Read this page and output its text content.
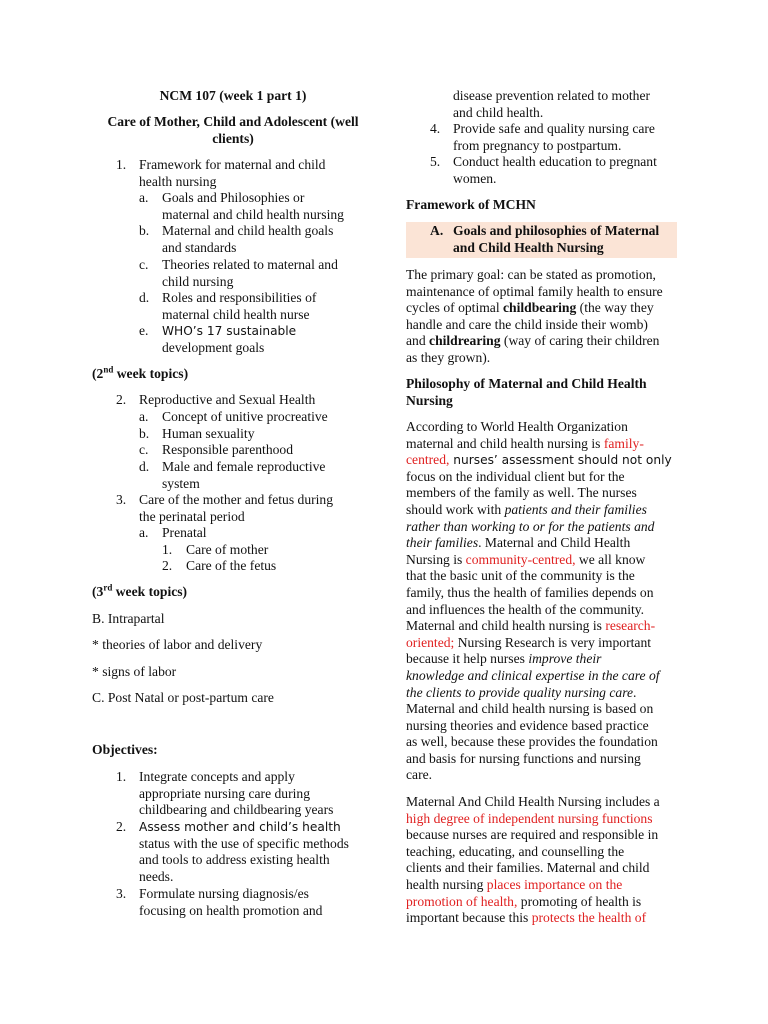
NCM 107 (week 1 part 1)
Care of Mother, Child and Adolescent (well
clients)
1. Framework for maternal and child
health nursing
a. Goals and Philosophies or
maternal and child health nursing
b. Maternal and child health goals
and standards
c. Theories related to maternal and
child nursing
d. Roles and responsibilities of
maternal child health nurse
e. WHO’s 17 sustainable
development goals
(2nd week topics)
2. Reproductive and Sexual Health
a. Concept of unitive procreative
b. Human sexuality
c. Responsible parenthood
d. Male and female reproductive
system
3. Care of the mother and fetus during
the perinatal period
a. Prenatal
1. Care of mother
2. Care of the fetus
(3rd week topics)
B. Intrapartal
* theories of labor and delivery
* signs of labor
C. Post Natal or post-partum care
Objectives:
1. Integrate concepts and apply
appropriate nursing care during
childbearing and childbearing years
2. Assess mother and child’s health
status with the use of specific methods
and tools to address existing health
needs.
3. Formulate nursing diagnosis/es
focusing on health promotion and
disease prevention related to mother
and child health.
4. Provide safe and quality nursing care
from pregnancy to postpartum.
5. Conduct health education to pregnant
women.
Framework of MCHN
A. Goals and philosophies of Maternal
and Child Health Nursing
The primary goal: can be stated as promotion,
maintenance of optimal family health to ensure
cycles of optimal childbearing (the way they
handle and care the child inside their womb)
and childrearing (way of caring their children
as they grown).
Philosophy of Maternal and Child Health
Nursing
According to World Health Organization
maternal and child health nursing is family-
centred, nurses’ assessment should not only
focus on the individual client but for the
members of the family as well. The nurses
should work with patients and their families
rather than working to or for the patients and
their families. Maternal and Child Health
Nursing is community-centred, we all know
that the basic unit of the community is the
family, thus the health of families depends on
and influences the health of the community.
Maternal and child health nursing is research-
oriented; Nursing Research is very important
because it help nurses improve their
knowledge and clinical expertise in the care of
the clients to provide quality nursing care.
Maternal and child health nursing is based on
nursing theories and evidence based practice
as well, because these provides the foundation
and basis for nursing functions and nursing
care.
Maternal And Child Health Nursing includes a
high degree of independent nursing functions
because nurses are required and responsible in
teaching, educating, and counselling the
clients and their families. Maternal and child
health nursing places importance on the
promotion of health, promoting of health is
important because this protects the health of
